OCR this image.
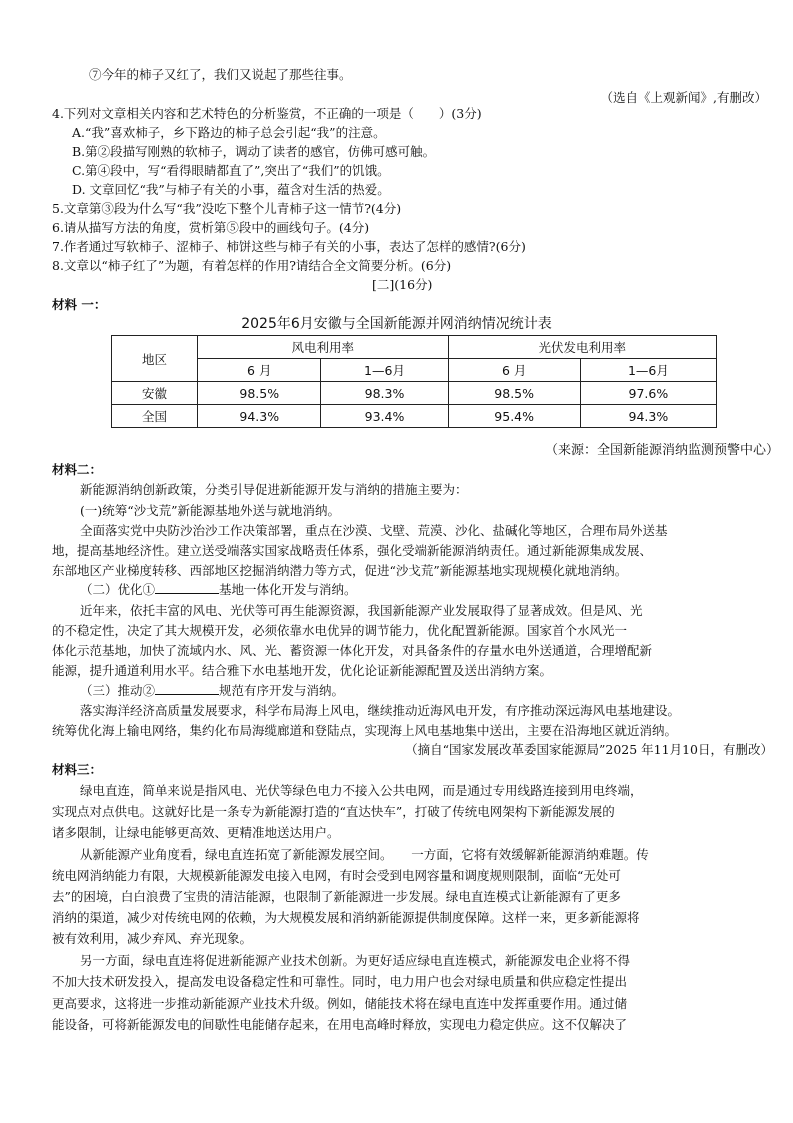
⑦今年的柿子又红了，我们又说起了那些往事。
（选自《上观新闻》,有删改）
4.下列对文章相关内容和艺术特色的分析鉴赏，不正确的一项是（　　）(3分)
A.“我”喜欢柿子，乡下路边的柿子总会引起“我”的注意。
B.第②段描写刚熟的软柿子，调动了读者的感官，仿佛可感可触。
C.第④段中，写“看得眼睛都直了”,突出了“我们”的饥饿。
D. 文章回忆“我”与柿子有关的小事，蕴含对生活的热爱。
5.文章第③段为什么写“我”没吃下整个儿青柿子这一情节?(4分)
6.请从描写方法的角度，赏析第⑤段中的画线句子。(4分)
7.作者通过写软柿子、涩柿子、柿饼这些与柿子有关的小事，表达了怎样的感情?(6分)
8.文章以“柿子红了”为题，有着怎样的作用?请结合全文简要分析。(6分)
[二](16分)
材料 一：
2025年6月安徽与全国新能源并网消纳情况统计表
地区	风电利用率		光伏发电利用率	
	6 月	1—6月	6 月	1—6月
安徽	98.5%	98.3%	98.5%	97.6%
全国	94.3%	93.4%	95.4%	94.3%
（来源：全国新能源消纳监测预警中心）
材料二：
新能源消纳创新政策，分类引导促进新能源开发与消纳的措施主要为：
(一)统筹“沙戈荒”新能源基地外送与就地消纳。
全面落实党中央防沙治沙工作决策部署，重点在沙漠、戈壁、荒漠、沙化、盐碱化等地区，合理布局外送基
地，提高基地经济性。建立送受端落实国家战略责任体系，强化受端新能源消纳责任。通过新能源集成发展、
东部地区产业梯度转移、西部地区挖掘消纳潜力等方式，促进“沙戈荒”新能源基地实现规模化就地消纳。
（二）优化①	基地一体化开发与消纳。
近年来，依托丰富的风电、光伏等可再生能源资源，我国新能源产业发展取得了显著成效。但是风、光
的不稳定性，决定了其大规模开发，必须依靠水电优异的调节能力，优化配置新能源。国家首个水风光一
体化示范基地，加快了流域内水、风、光、蓄资源一体化开发，对具备条件的存量水电外送通道，合理增配新
能源，提升通道利用水平。结合雅下水电基地开发，优化论证新能源配置及送出消纳方案。
（三）推动②	规范有序开发与消纳。
落实海洋经济高质量发展要求，科学布局海上风电，继续推动近海风电开发，有序推动深远海风电基地建设。
统筹优化海上输电网络，集约化布局海缆廊道和登陆点，实现海上风电基地集中送出，主要在沿海地区就近消纳。
（摘自“国家发展改革委国家能源局”2025 年11月10日，有删改）
材料三：
绿电直连，简单来说是指风电、光伏等绿色电力不接入公共电网，而是通过专用线路连接到用电终端，
实现点对点供电。这就好比是一条专为新能源打造的“直达快车”，打破了传统电网架构下新能源发展的
诸多限制，让绿电能够更高效、更精准地送达用户。
从新能源产业角度看，绿电直连拓宽了新能源发展空间。　　一方面，它将有效缓解新能源消纳难题。传
统电网消纳能力有限，大规模新能源发电接入电网，有时会受到电网容量和调度规则限制，面临“无处可
去”的困境，白白浪费了宝贵的清洁能源，也限制了新能源进一步发展。绿电直连模式让新能源有了更多
消纳的渠道，减少对传统电网的依赖，为大规模发展和消纳新能源提供制度保障。这样一来，更多新能源将
被有效利用，减少弃风、弃光现象。
另一方面，绿电直连将促进新能源产业技术创新。为更好适应绿电直连模式，新能源发电企业将不得
不加大技术研发投入，提高发电设备稳定性和可靠性。同时，电力用户也会对绿电质量和供应稳定性提出
更高要求，这将进一步推动新能源产业技术升级。例如，储能技术将在绿电直连中发挥重要作用。通过储
能设备，可将新能源发电的间歇性电能储存起来，在用电高峰时释放，实现电力稳定供应。这不仅解决了
